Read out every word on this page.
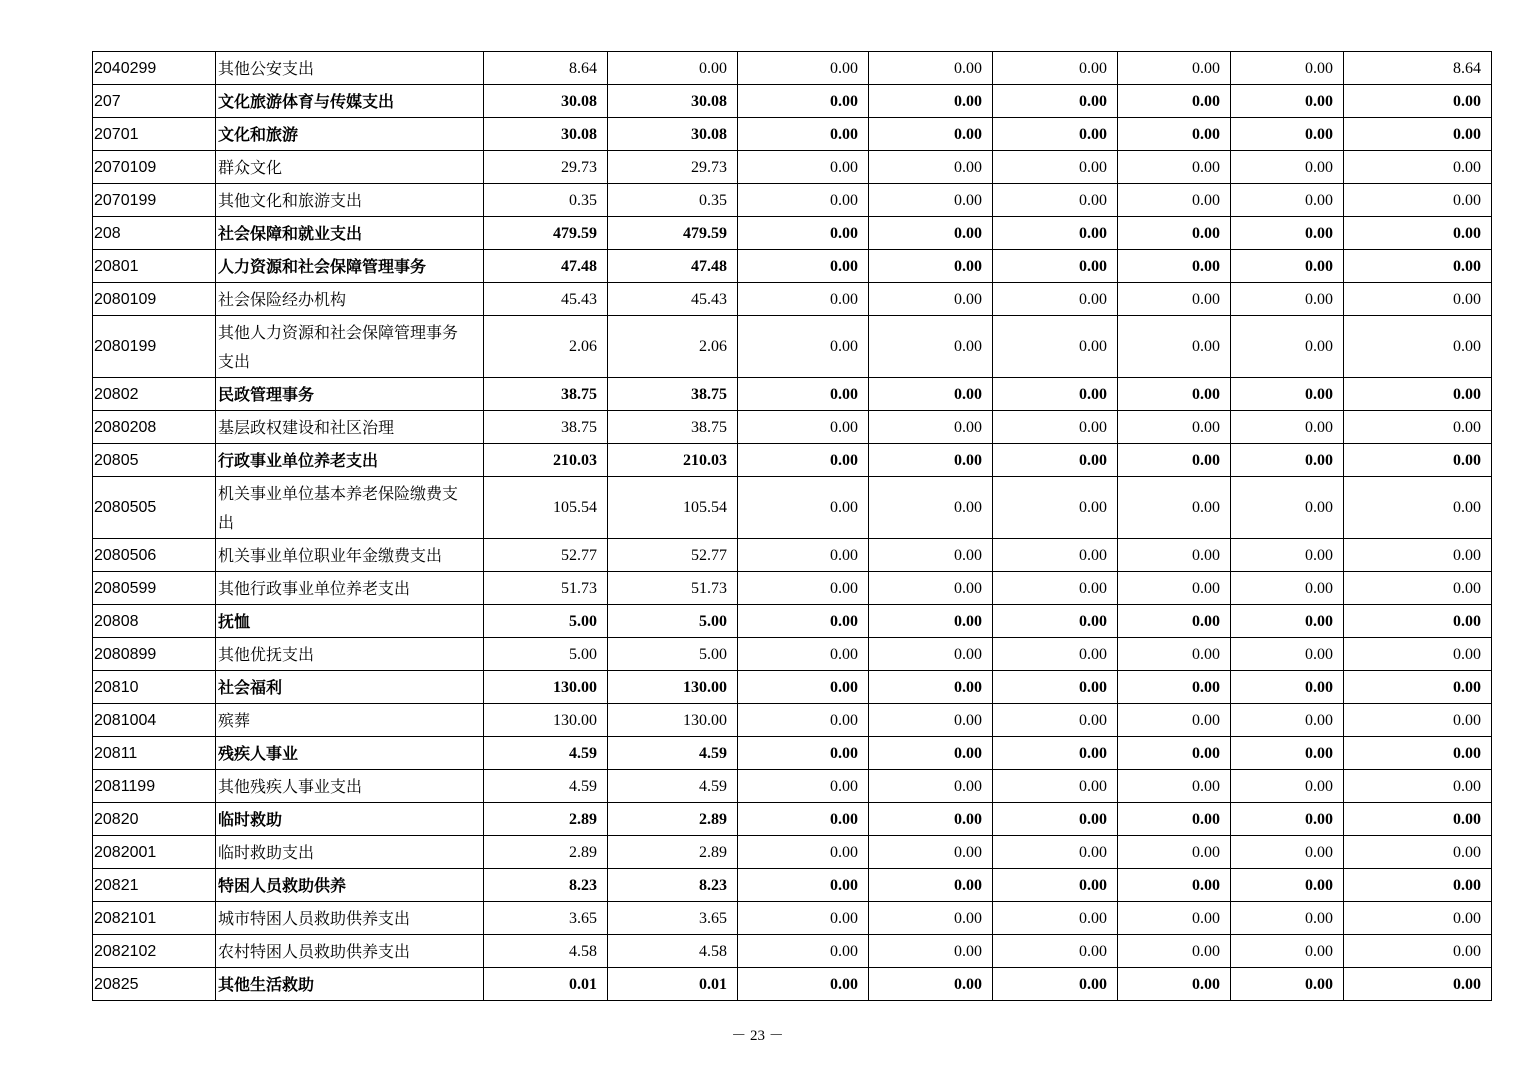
2040299	其他公安支出	8.64	0.00	0.00	0.00	0.00	0.00	0.00	8.64
207	文化旅游体育与传媒支出	30.08	30.08	0.00	0.00	0.00	0.00	0.00	0.00
20701	文化和旅游	30.08	30.08	0.00	0.00	0.00	0.00	0.00	0.00
2070109	群众文化	29.73	29.73	0.00	0.00	0.00	0.00	0.00	0.00
2070199	其他文化和旅游支出	0.35	0.35	0.00	0.00	0.00	0.00	0.00	0.00
208	社会保障和就业支出	479.59	479.59	0.00	0.00	0.00	0.00	0.00	0.00
20801	人力资源和社会保障管理事务	47.48	47.48	0.00	0.00	0.00	0.00	0.00	0.00
2080109	社会保险经办机构	45.43	45.43	0.00	0.00	0.00	0.00	0.00	0.00
2080199	其他人力资源和社会保障管理事务支出	2.06	2.06	0.00	0.00	0.00	0.00	0.00	0.00
20802	民政管理事务	38.75	38.75	0.00	0.00	0.00	0.00	0.00	0.00
2080208	基层政权建设和社区治理	38.75	38.75	0.00	0.00	0.00	0.00	0.00	0.00
20805	行政事业单位养老支出	210.03	210.03	0.00	0.00	0.00	0.00	0.00	0.00
2080505	机关事业单位基本养老保险缴费支出	105.54	105.54	0.00	0.00	0.00	0.00	0.00	0.00
2080506	机关事业单位职业年金缴费支出	52.77	52.77	0.00	0.00	0.00	0.00	0.00	0.00
2080599	其他行政事业单位养老支出	51.73	51.73	0.00	0.00	0.00	0.00	0.00	0.00
20808	抚恤	5.00	5.00	0.00	0.00	0.00	0.00	0.00	0.00
2080899	其他优抚支出	5.00	5.00	0.00	0.00	0.00	0.00	0.00	0.00
20810	社会福利	130.00	130.00	0.00	0.00	0.00	0.00	0.00	0.00
2081004	殡葬	130.00	130.00	0.00	0.00	0.00	0.00	0.00	0.00
20811	残疾人事业	4.59	4.59	0.00	0.00	0.00	0.00	0.00	0.00
2081199	其他残疾人事业支出	4.59	4.59	0.00	0.00	0.00	0.00	0.00	0.00
20820	临时救助	2.89	2.89	0.00	0.00	0.00	0.00	0.00	0.00
2082001	临时救助支出	2.89	2.89	0.00	0.00	0.00	0.00	0.00	0.00
20821	特困人员救助供养	8.23	8.23	0.00	0.00	0.00	0.00	0.00	0.00
2082101	城市特困人员救助供养支出	3.65	3.65	0.00	0.00	0.00	0.00	0.00	0.00
2082102	农村特困人员救助供养支出	4.58	4.58	0.00	0.00	0.00	0.00	0.00	0.00
20825	其他生活救助	0.01	0.01	0.00	0.00	0.00	0.00	0.00	0.00
－ 23 －
